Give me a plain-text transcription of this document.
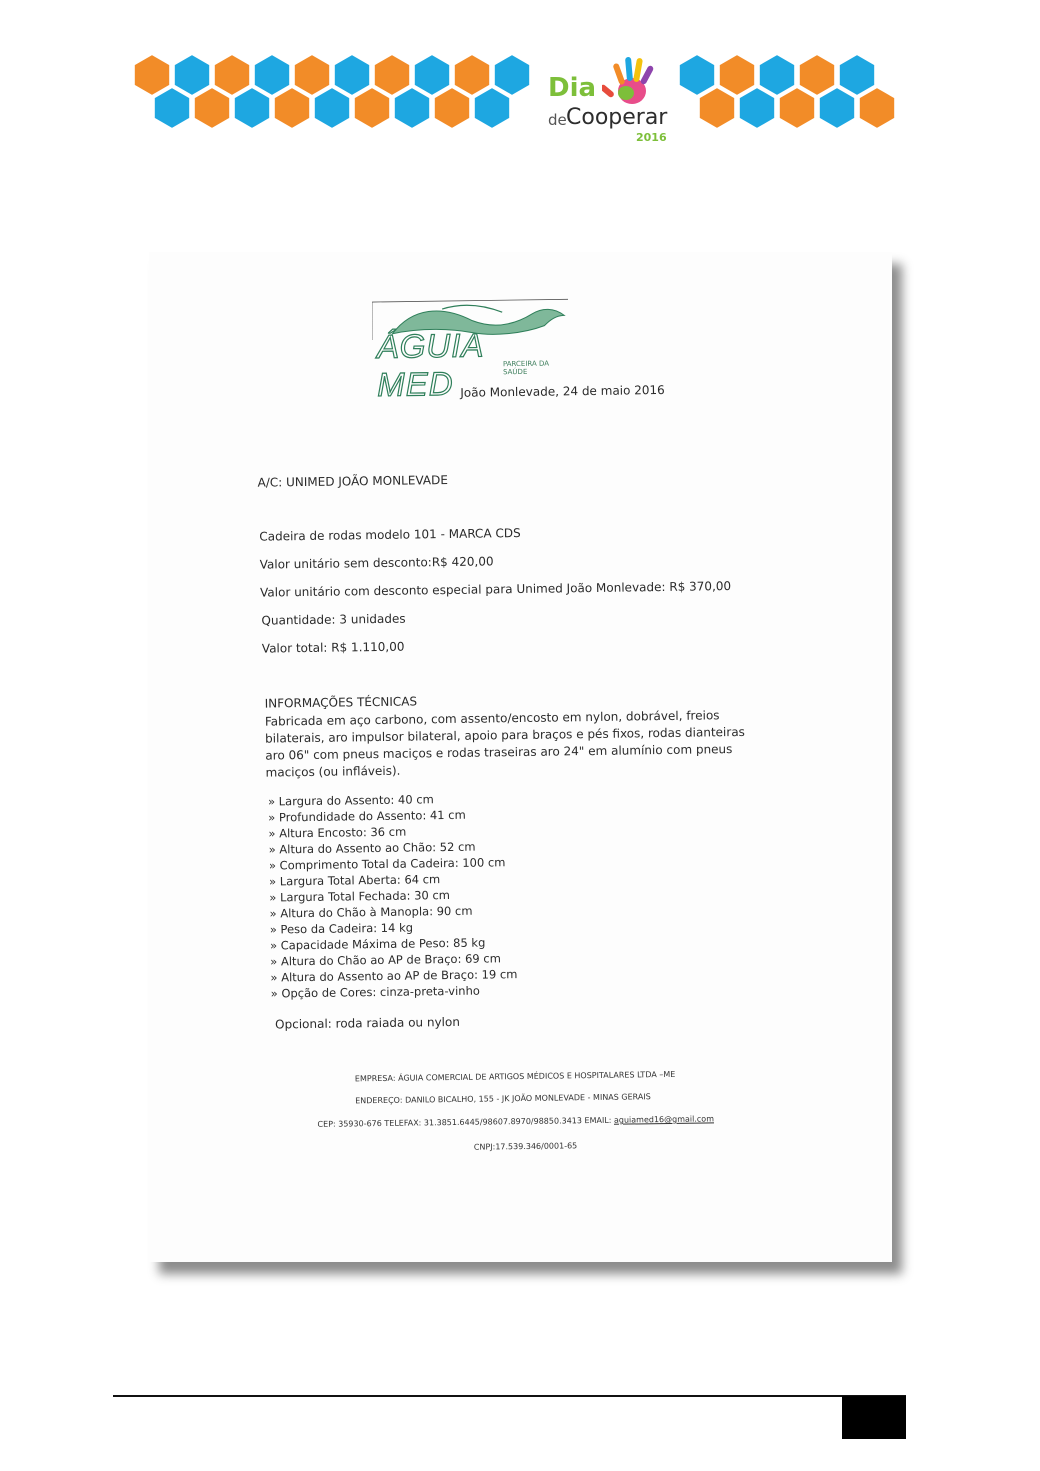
Dia
de Cooperar
2016
ÁGUIA MED
PARCEIRA DA SAÚDE
João Monlevade, 24 de maio 2016
A/C: UNIMED JOÃO MONLEVADE
Cadeira de rodas modelo 101 - MARCA CDS
Valor unitário sem desconto:R$ 420,00
Valor unitário com desconto especial para Unimed João Monlevade: R$ 370,00
Quantidade: 3 unidades
Valor total: R$ 1.110,00
INFORMAÇÕES TÉCNICAS
Fabricada em aço carbono, com assento/encosto em nylon, dobrável, freios bilaterais, aro impulsor bilateral, apoio para braços e pés fixos, rodas dianteiras aro 06" com pneus maciços e rodas traseiras aro 24" em alumínio com pneus maciços (ou infláveis).
» Largura do Assento: 40 cm
» Profundidade do Assento: 41 cm
» Altura Encosto: 36 cm
» Altura do Assento ao Chão: 52 cm
» Comprimento Total da Cadeira: 100 cm
» Largura Total Aberta: 64 cm
» Largura Total Fechada: 30 cm
» Altura do Chão à Manopla: 90 cm
» Peso da Cadeira: 14 kg
» Capacidade Máxima de Peso: 85 kg
» Altura do Chão ao AP de Braço: 69 cm
» Altura do Assento ao AP de Braço: 19 cm
» Opção de Cores: cinza-preta-vinho
Opcional: roda raiada ou nylon
EMPRESA: ÁGUIA COMERCIAL DE ARTIGOS MÉDICOS E HOSPITALARES LTDA –ME
ENDEREÇO: DANILO BICALHO, 155 - JK JOÃO MONLEVADE - MINAS GERAIS
CEP: 35930-676 TELEFAX: 31.3851.6445/98607.8970/98850.3413 EMAIL: aguiamed16@gmail.com
CNPJ:17.539.346/0001-65
